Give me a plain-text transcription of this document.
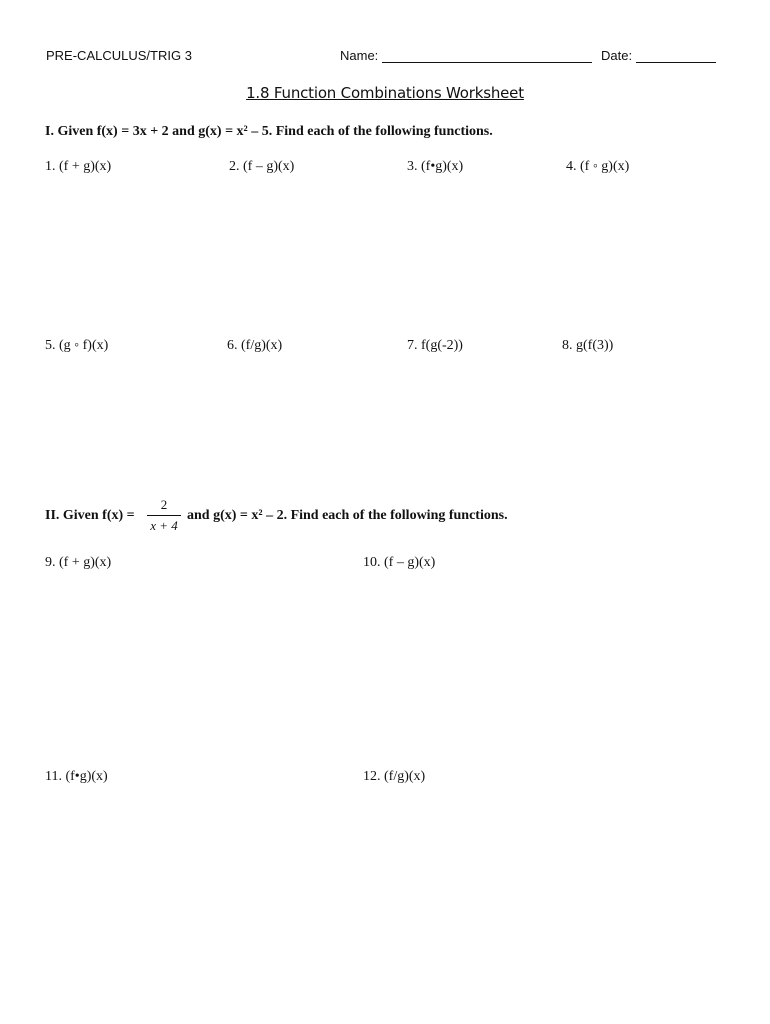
PRE-CALCULUS/TRIG 3	Name:	Date:
1.8 Function Combinations Worksheet
I. Given f(x) = 3x + 2 and g(x) = x² – 5. Find each of the following functions.
1. (f + g)(x)	2. (f – g)(x)	3. (f•g)(x)	4. (f ◦ g)(x)
5. (g ◦ f)(x)	6. (f/g)(x)	7. f(g(-2))	8. g(f(3))
II. Given f(x) =
2
x + 4
and g(x) = x² – 2. Find each of the following functions.
9. (f + g)(x)	10. (f – g)(x)
11. (f•g)(x)	12. (f/g)(x)
